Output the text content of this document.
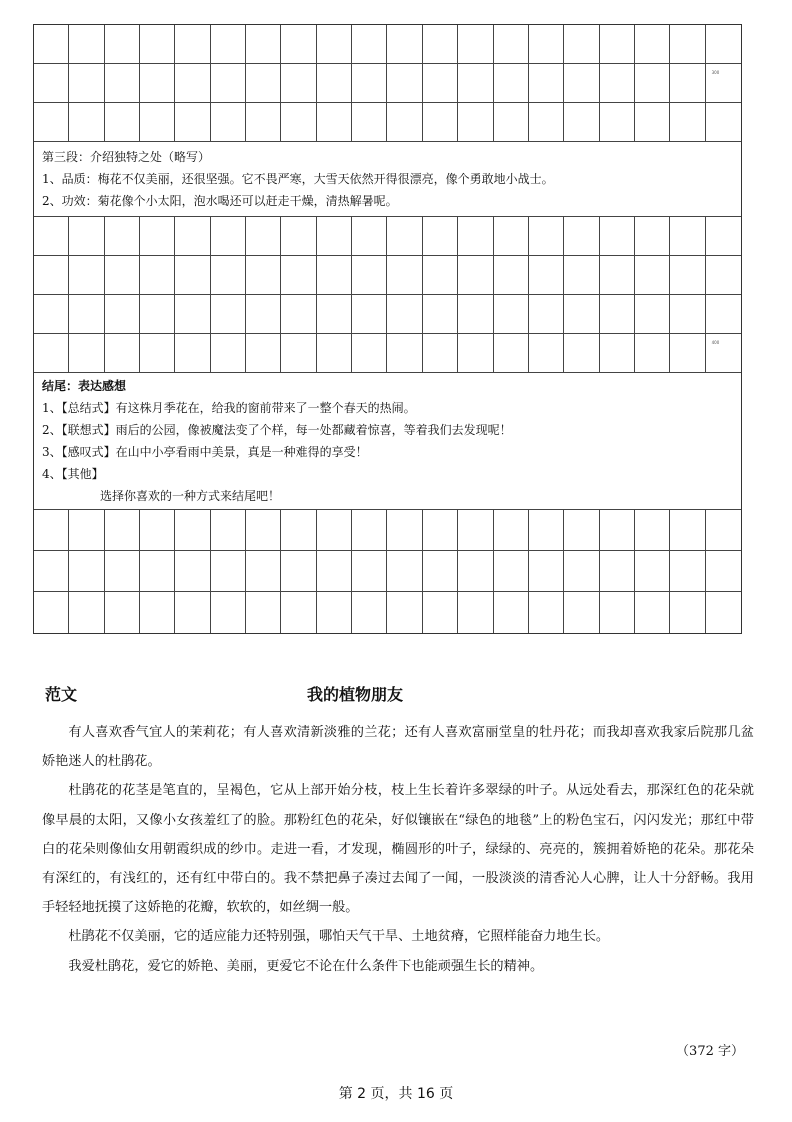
300
第三段：介绍独特之处（略写）
1、品质：梅花不仅美丽，还很坚强。它不畏严寒，大雪天依然开得很漂亮，像个勇敢地小战士。
2、功效：菊花像个小太阳，泡水喝还可以赶走干燥，清热解暑呢。
400
结尾：表达感想
1、【总结式】有这株月季花在，给我的窗前带来了一整个春天的热闹。
2、【联想式】雨后的公园，像被魔法变了个样，每一处都藏着惊喜，等着我们去发现呢！
3、【感叹式】在山中小亭看雨中美景，真是一种难得的享受！
4、【其他】
选择你喜欢的一种方式来结尾吧！
范文	我的植物朋友

有人喜欢香气宜人的茉莉花；有人喜欢清新淡雅的兰花；还有人喜欢富丽堂皇的牡丹花；而我却喜欢我家后院那几盆娇艳迷人的杜鹃花。

杜鹃花的花茎是笔直的，呈褐色，它从上部开始分枝，枝上生长着许多翠绿的叶子。从远处看去，那深红色的花朵就像早晨的太阳，又像小女孩羞红了的脸。那粉红色的花朵，好似镶嵌在“绿色的地毯”上的粉色宝石，闪闪发光；那红中带白的花朵则像仙女用朝霞织成的纱巾。走进一看，才发现，椭圆形的叶子，绿绿的、亮亮的，簇拥着娇艳的花朵。那花朵有深红的，有浅红的，还有红中带白的。我不禁把鼻子凑过去闻了一闻，一股淡淡的清香沁人心脾，让人十分舒畅。我用手轻轻地抚摸了这娇艳的花瓣，软软的，如丝绸一般。

杜鹃花不仅美丽，它的适应能力还特别强，哪怕天气干旱、土地贫瘠，它照样能奋力地生长。

我爱杜鹃花，爱它的娇艳、美丽，更爱它不论在什么条件下也能顽强生长的精神。

（372 字）
第 2 页，共 16 页
